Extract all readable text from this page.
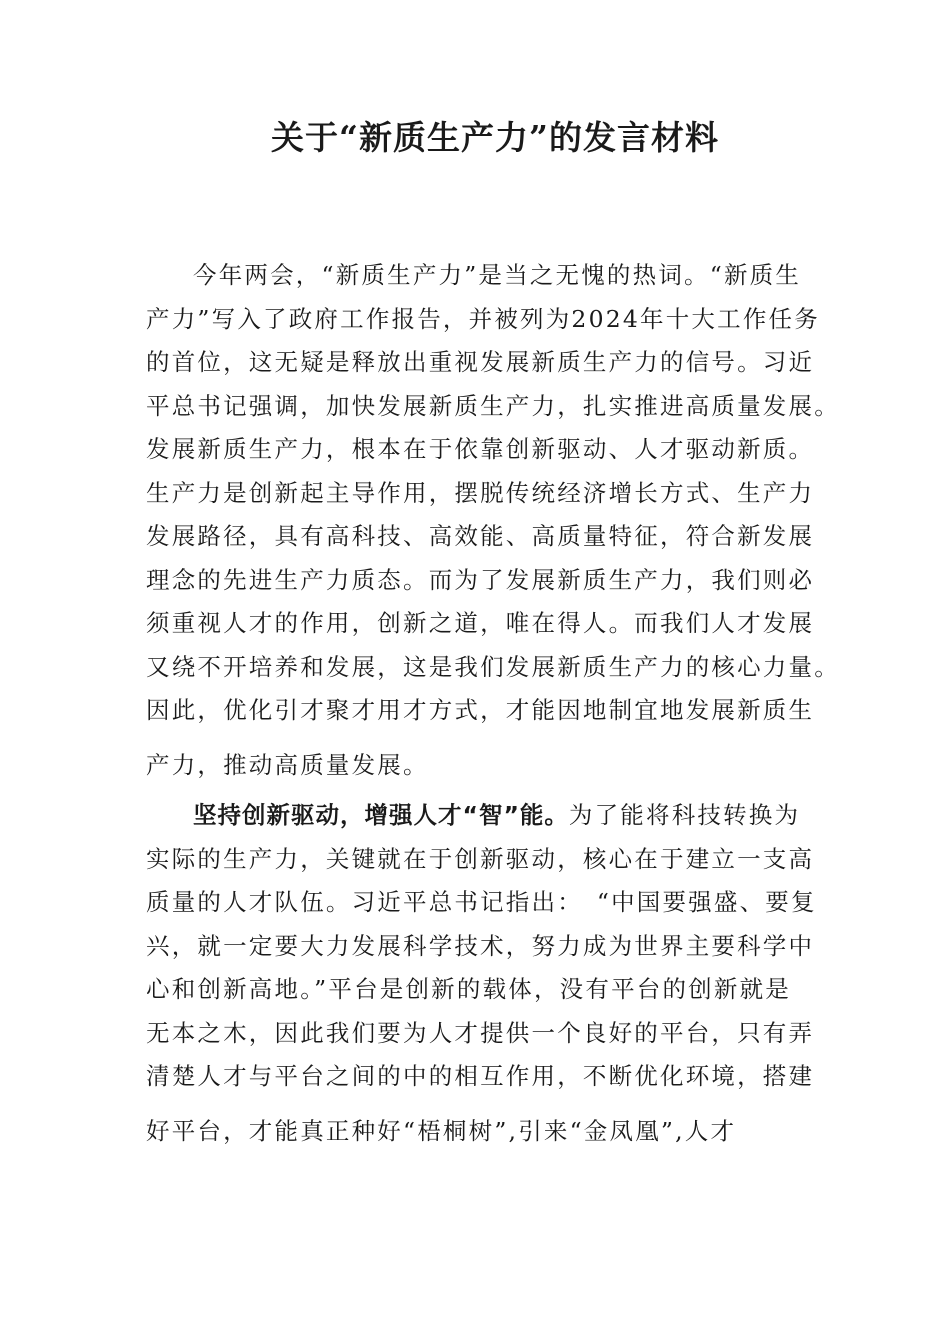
关于“新质生产力”的发言材料
今年两会，“新质生产力”是当之无愧的热词。“新质生
产力”写入了政府工作报告，并被列为2024年十大工作任务
的首位，这无疑是释放出重视发展新质生产力的信号。习近
平总书记强调，加快发展新质生产力，扎实推进高质量发展。
发展新质生产力，根本在于依靠创新驱动、人才驱动新质。
生产力是创新起主导作用，摆脱传统经济增长方式、生产力
发展路径，具有高科技、高效能、高质量特征，符合新发展
理念的先进生产力质态。而为了发展新质生产力，我们则必
须重视人才的作用，创新之道，唯在得人。而我们人才发展
又绕不开培养和发展，这是我们发展新质生产力的核心力量。
因此，优化引才聚才用才方式，才能因地制宜地发展新质生
产力，推动高质量发展。
坚持创新驱动，增强人才“智”能。为了能将科技转换为
实际的生产力，关键就在于创新驱动，核心在于建立一支高
质量的人才队伍。习近平总书记指出：　“中国要强盛、要复
兴，就一定要大力发展科学技术，努力成为世界主要科学中
心和创新高地。”平台是创新的载体，没有平台的创新就是
无本之木，因此我们要为人才提供一个良好的平台，只有弄
清楚人才与平台之间的中的相互作用，不断优化环境，搭建
好平台，才能真正种好“梧桐树”,引来“金凤凰”,人才
